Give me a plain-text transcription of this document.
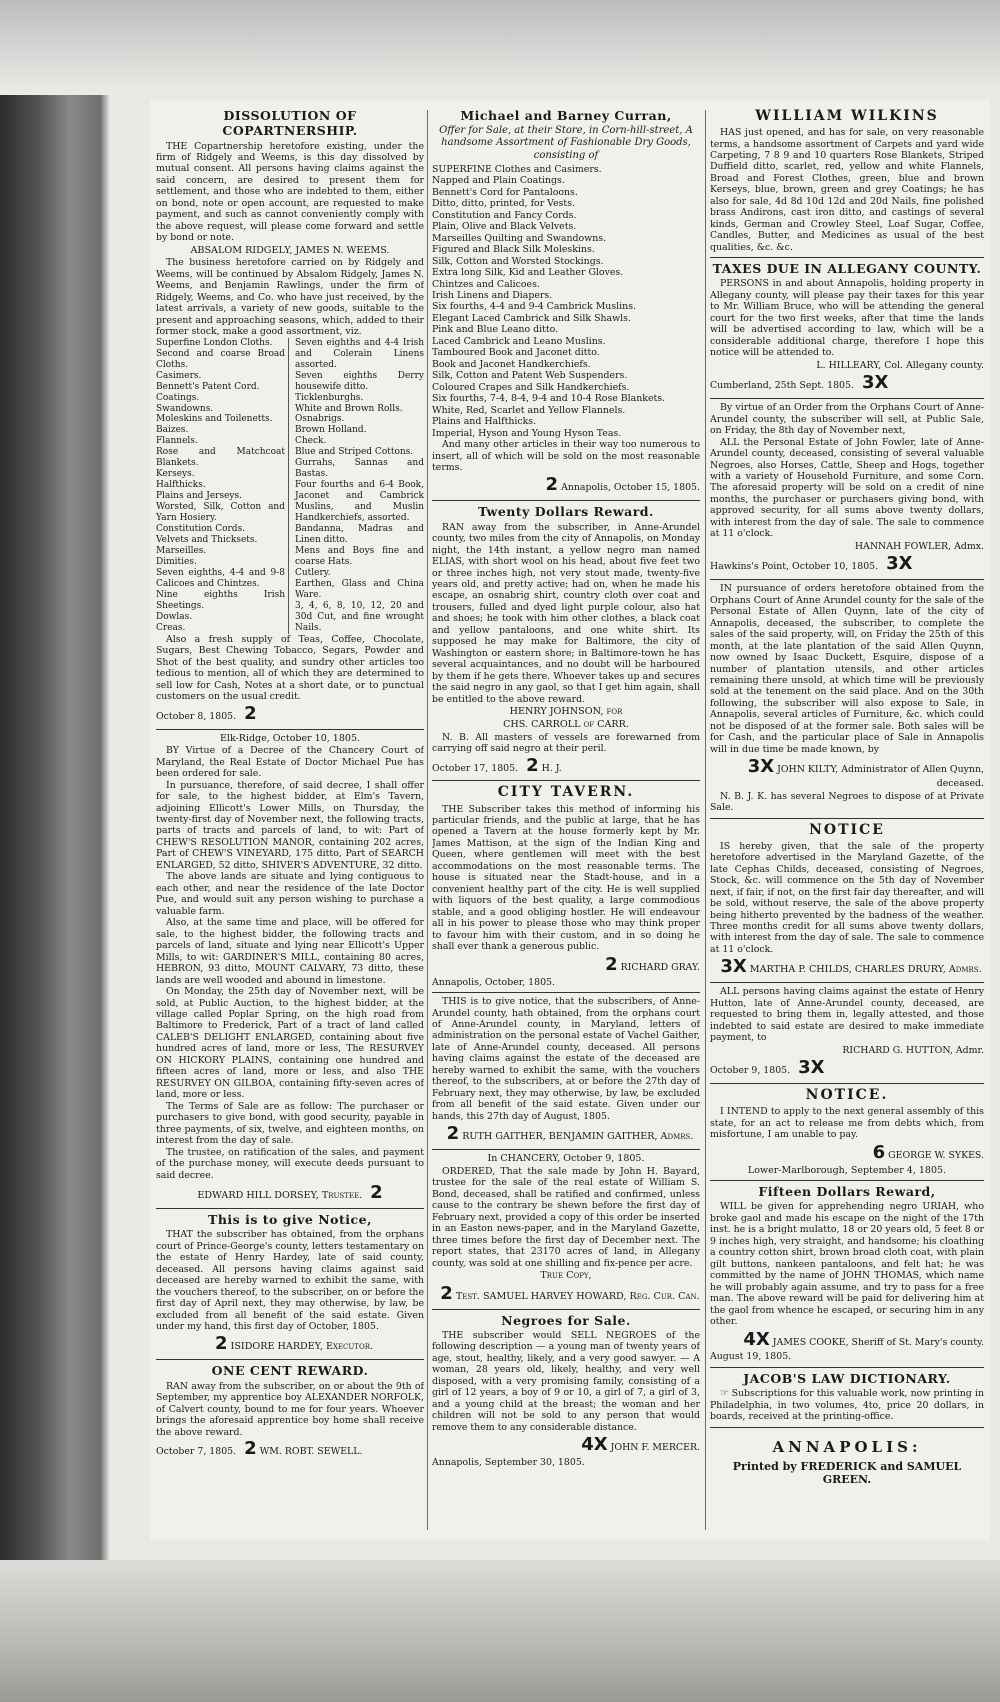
DISSOLUTION OF COPARTNERSHIP.

THE Copartnership heretofore existing, under the firm of Ridgely and Weems, is this day dissolved by mutual consent. All persons having claims against the said concern, are desired to present them for settlement, and those who are indebted to them, either on bond, note or open account, are requested to make payment, and such as cannot conveniently comply with the above request, will please come forward and settle by bond or note.

ABSALOM RIDGELY, JAMES N. WEEMS.

The business heretofore carried on by Ridgely and Weems, will be continued by Absalom Ridgely, James N. Weems, and Benjamin Rawlings, under the firm of Ridgely, Weems, and Co. who have just received, by the latest arrivals, a variety of new goods, suitable to the present and approaching seasons, which, added to their former stock, make a good assortment, viz.

Superfine London Cloths.
Second and coarse Broad Cloths.
Casimers.
Bennett's Patent Cord.
Coatings.
Swandowns.
Moleskins and Toilenetts.
Baizes.
Flannels.
Rose and Matchcoat Blankets.
Kerseys.
Halfthicks.
Plains and Jerseys.
Worsted, Silk, Cotton and Yarn Hosiery.
Constitution Cords.
Velvets and Thicksets.
Marseilles.
Dimities.
Seven eighths, 4-4 and 9-8 Calicoes and Chintzes.
Nine eighths Irish Sheetings.
Dowlas.
Creas.
Seven eighths and 4-4 Irish and Colerain Linens assorted.
Seven eighths Derry housewife ditto.
Ticklenburghs.
White and Brown Rolls.
Osnabrigs.
Brown Holland.
Check.
Blue and Striped Cottons.
Gurrahs, Sannas and Bastas.
Four fourths and 6-4 Book, Jaconet and Cambrick Muslins, and Muslin Handkerchiefs, assorted.
Bandanna, Madras and Linen ditto.
Mens and Boys fine and coarse Hats.
Cutlery.
Earthen, Glass and China Ware.
3, 4, 6, 8, 10, 12, 20 and 30d Cut, and fine wrought Nails.

Also a fresh supply of Teas, Coffee, Chocolate, Sugars, Best Chewing Tobacco, Segars, Powder and Shot of the best quality, and sundry other articles too tedious to mention, all of which they are determined to sell low for Cash, Notes at a short date, or to punctual customers on the usual credit.

October 8, 1805. 2
Elk-Ridge, October 10, 1805.

BY Virtue of a Decree of the Chancery Court of Maryland, the Real Estate of Doctor Michael Pue has been ordered for sale.

In pursuance, therefore, of said decree, I shall offer for sale, to the highest bidder, at Elm's Tavern, adjoining Ellicott's Lower Mills, on Thursday, the twenty-first day of November next, the following tracts, parts of tracts and parcels of land, to wit: Part of CHEW'S RESOLUTION MANOR, containing 202 acres, Part of CHEW'S VINEYARD, 175 ditto, Part of SEARCH ENLARGED, 52 ditto, SHIVER'S ADVENTURE, 32 ditto.

The above lands are situate and lying contiguous to each other, and near the residence of the late Doctor Pue, and would suit any person wishing to purchase a valuable farm.

Also, at the same time and place, will be offered for sale, to the highest bidder, the following tracts and parcels of land, situate and lying near Ellicott's Upper Mills, to wit: GARDINER'S MILL, containing 80 acres, HEBRON, 93 ditto, MOUNT CALVARY, 73 ditto, these lands are well wooded and abound in limestone.

On Monday, the 25th day of November next, will be sold, at Public Auction, to the highest bidder, at the village called Poplar Spring, on the high road from Baltimore to Frederick, Part of a tract of land called CALEB'S DELIGHT ENLARGED, containing about five hundred acres of land, more or less, The RESURVEY ON HICKORY PLAINS, containing one hundred and fifteen acres of land, more or less, and also THE RESURVEY ON GILBOA, containing fifty-seven acres of land, more or less.

The Terms of Sale are as follow: The purchaser or purchasers to give bond, with good security, payable in three payments, of six, twelve, and eighteen months, on interest from the day of sale.

The trustee, on ratification of the sales, and payment of the purchase money, will execute deeds pursuant to said decree.

EDWARD HILL DORSEY, Trustee. 2
This is to give Notice,

THAT the subscriber has obtained, from the orphans court of Prince-George's county, letters testamentary on the estate of Henry Hardey, late of said county, deceased. All persons having claims against said deceased are hereby warned to exhibit the same, with the vouchers thereof, to the subscriber, on or before the first day of April next, they may otherwise, by law, be excluded from all benefit of the said estate. Given under my hand, this first day of October, 1805.

2 ISIDORE HARDEY, Executor.
ONE CENT REWARD.

RAN away from the subscriber, on or about the 9th of September, my apprentice boy ALEXANDER NORFOLK, of Calvert county, bound to me for four years. Whoever brings the aforesaid apprentice boy home shall receive the above reward.

October 7, 1805. 2 WM. ROBT. SEWELL.
Michael and Barney Curran,
Offer for Sale, at their Store, in Corn-hill-street, A handsome Assortment of Fashionable Dry Goods, consisting of
SUPERFINE Clothes and Casimers.
Napped and Plain Coatings.
Bennett's Cord for Pantaloons.
Ditto, ditto, printed, for Vests.
Constitution and Fancy Cords.
Plain, Olive and Black Velvets.
Marseilles Quilting and Swandowns.
Figured and Black Silk Moleskins.
Silk, Cotton and Worsted Stockings.
Extra long Silk, Kid and Leather Gloves.
Chintzes and Calicoes.
Irish Linens and Diapers.
Six fourths, 4-4 and 9-4 Cambrick Muslins.
Elegant Laced Cambrick and Silk Shawls.
Pink and Blue Leano ditto.
Laced Cambrick and Leano Muslins.
Tamboured Book and Jaconet ditto.
Book and Jaconet Handkerchiefs.
Silk, Cotton and Patent Web Suspenders.
Coloured Crapes and Silk Handkerchiefs.
Six fourths, 7-4, 8-4, 9-4 and 10-4 Rose Blankets.
White, Red, Scarlet and Yellow Flannels.
Plains and Halfthicks.
Imperial, Hyson and Young Hyson Teas.

And many other articles in their way too numerous to insert, all of which will be sold on the most reasonable terms.

2 Annapolis, October 15, 1805.
Twenty Dollars Reward.

RAN away from the subscriber, in Anne-Arundel county, two miles from the city of Annapolis, on Monday night, the 14th instant, a yellow negro man named ELIAS, with short wool on his head, about five feet two or three inches high, not very stout made, twenty-five years old, and pretty active; had on, when he made his escape, an osnabrig shirt, country cloth over coat and trousers, fulled and dyed light purple colour, also hat and shoes; he took with him other clothes, a black coat and yellow pantaloons, and one white shirt. Its supposed he may make for Baltimore, the city of Washington or eastern shore; in Baltimore-town he has several acquaintances, and no doubt will be harboured by them if he gets there. Whoever takes up and secures the said negro in any gaol, so that I get him again, shall be entitled to the above reward.

HENRY JOHNSON, for
CHS. CARROLL of CARR.

N. B. All masters of vessels are forewarned from carrying off said negro at their peril.

October 17, 1805. 2 H. J.
CITY TAVERN.

THE Subscriber takes this method of informing his particular friends, and the public at large, that he has opened a Tavern at the house formerly kept by Mr. James Mattison, at the sign of the Indian King and Queen, where gentlemen will meet with the best accommodations on the most reasonable terms. The house is situated near the Stadt-house, and in a convenient healthy part of the city. He is well supplied with liquors of the best quality, a large commodious stable, and a good obliging hostler. He will endeavour all in his power to please those who may think proper to favour him with their custom, and in so doing he shall ever thank a generous public.

2 RICHARD GRAY.
Annapolis, October, 1805.

THIS is to give notice, that the subscribers, of Anne-Arundel county, hath obtained, from the orphans court of Anne-Arundel county, in Maryland, letters of administration on the personal estate of Vachel Gaither, late of Anne-Arundel county, deceased. All persons having claims against the estate of the deceased are hereby warned to exhibit the same, with the vouchers thereof, to the subscribers, at or before the 27th day of February next, they may otherwise, by law, be excluded from all benefit of the said estate. Given under our hands, this 27th day of August, 1805.

2 RUTH GAITHER, BENJAMIN GAITHER, Admrs.
In CHANCERY, October 9, 1805.

ORDERED, That the sale made by John H. Bayard, trustee for the sale of the real estate of William S. Bond, deceased, shall be ratified and confirmed, unless cause to the contrary be shewn before the first day of February next, provided a copy of this order be inserted in an Easton news-paper, and in the Maryland Gazette, three times before the first day of December next. The report states, that 23170 acres of land, in Allegany county, was sold at one shilling and fix-pence per acre.

True Copy,
2 Test. SAMUEL HARVEY HOWARD, Reg. Cur. Can.
Negroes for Sale.

THE subscriber would SELL NEGROES of the following description — a young man of twenty years of age, stout, healthy, likely, and a very good sawyer. — A woman, 28 years old, likely, healthy, and very well disposed, with a very promising family, consisting of a girl of 12 years, a boy of 9 or 10, a girl of 7, a girl of 3, and a young child at the breast; the woman and her children will not be sold to any person that would remove them to any considerable distance.

4X JOHN F. MERCER.
Annapolis, September 30, 1805.
WILLIAM WILKINS

HAS just opened, and has for sale, on very reasonable terms, a handsome assortment of Carpets and yard wide Carpeting, 7 8 9 and 10 quarters Rose Blankets, Striped Duffield ditto, scarlet, red, yellow and white Flannels, Broad and Forest Clothes, green, blue and brown Kerseys, blue, brown, green and grey Coatings; he has also for sale, 4d 8d 10d 12d and 20d Nails, fine polished brass Andirons, cast iron ditto, and castings of several kinds, German and Crowley Steel, Loaf Sugar, Coffee, Candles, Butter, and Medicines as usual of the best qualities, &c. &c.

TAXES DUE IN ALLEGANY COUNTY.

PERSONS in and about Annapolis, holding property in Allegany county, will please pay their taxes for this year to Mr. William Bruce, who will be attending the general court for the two first weeks, after that time the lands will be advertised according to law, which will be a considerable additional charge, therefore I hope this notice will be attended to.

L. HILLEARY, Col. Allegany county.
Cumberland, 25th Sept. 1805. 3X

By virtue of an Order from the Orphans Court of Anne-Arundel county, the subscriber will sell, at Public Sale, on Friday, the 8th day of November next,

ALL the Personal Estate of John Fowler, late of Anne-Arundel county, deceased, consisting of several valuable Negroes, also Horses, Cattle, Sheep and Hogs, together with a variety of Household Furniture, and some Corn. The aforesaid property will be sold on a credit of nine months, the purchaser or purchasers giving bond, with approved security, for all sums above twenty dollars, with interest from the day of sale. The sale to commence at 11 o'clock.

HANNAH FOWLER, Admx.
Hawkins's Point, October 10, 1805. 3X

IN pursuance of orders heretofore obtained from the Orphans Court of Anne Arundel county for the sale of the Personal Estate of Allen Quynn, late of the city of Annapolis, deceased, the subscriber, to complete the sales of the said property, will, on Friday the 25th of this month, at the late plantation of the said Allen Quynn, now owned by Isaac Duckett, Esquire, dispose of a number of plantation utensils, and other articles remaining there unsold, at which time will be previously sold at the tenement on the said place. And on the 30th following, the subscriber will also expose to Sale, in Annapolis, several articles of Furniture, &c. which could not be disposed of at the former sale. Both sales will be for Cash, and the particular place of Sale in Annapolis will in due time be made known, by

3X JOHN KILTY, Administrator of Allen Quynn, deceased.

N. B. J. K. has several Negroes to dispose of at Private Sale.

NOTICE

IS hereby given, that the sale of the property heretofore advertised in the Maryland Gazette, of the late Cephas Childs, deceased, consisting of Negroes, Stock, &c. will commence on the 5th day of November next, if fair, if not, on the first fair day thereafter, and will be sold, without reserve, the sale of the above property being hitherto prevented by the badness of the weather. Three months credit for all sums above twenty dollars, with interest from the day of sale. The sale to commence at 11 o'clock.

3X MARTHA P. CHILDS, CHARLES DRURY, Admrs.

ALL persons having claims against the estate of Henry Hutton, late of Anne-Arundel county, deceased, are requested to bring them in, legally attested, and those indebted to said estate are desired to make immediate payment, to

RICHARD G. HUTTON, Admr.
October 9, 1805. 3X
NOTICE.

I INTEND to apply to the next general assembly of this state, for an act to release me from debts which, from misfortune, I am unable to pay.

6 GEORGE W. SYKES.
Lower-Marlborough, September 4, 1805.
Fifteen Dollars Reward,

WILL be given for apprehending negro URIAH, who broke gaol and made his escape on the night of the 17th inst. he is a bright mulatto, 18 or 20 years old, 5 feet 8 or 9 inches high, very straight, and handsome; his cloathing a country cotton shirt, brown broad cloth coat, with plain gilt buttons, nankeen pantaloons, and felt hat; he was committed by the name of JOHN THOMAS, which name he will probably again assume, and try to pass for a free man. The above reward will be paid for delivering him at the gaol from whence he escaped, or securing him in any other.

4X JAMES COOKE, Sheriff of St. Mary's county.
August 19, 1805.
JACOB'S LAW DICTIONARY.

☞ Subscriptions for this valuable work, now printing in Philadelphia, in two volumes, 4to, price 20 dollars, in boards, received at the printing-office.

ANNAPOLIS:
Printed by FREDERICK and SAMUEL GREEN.
